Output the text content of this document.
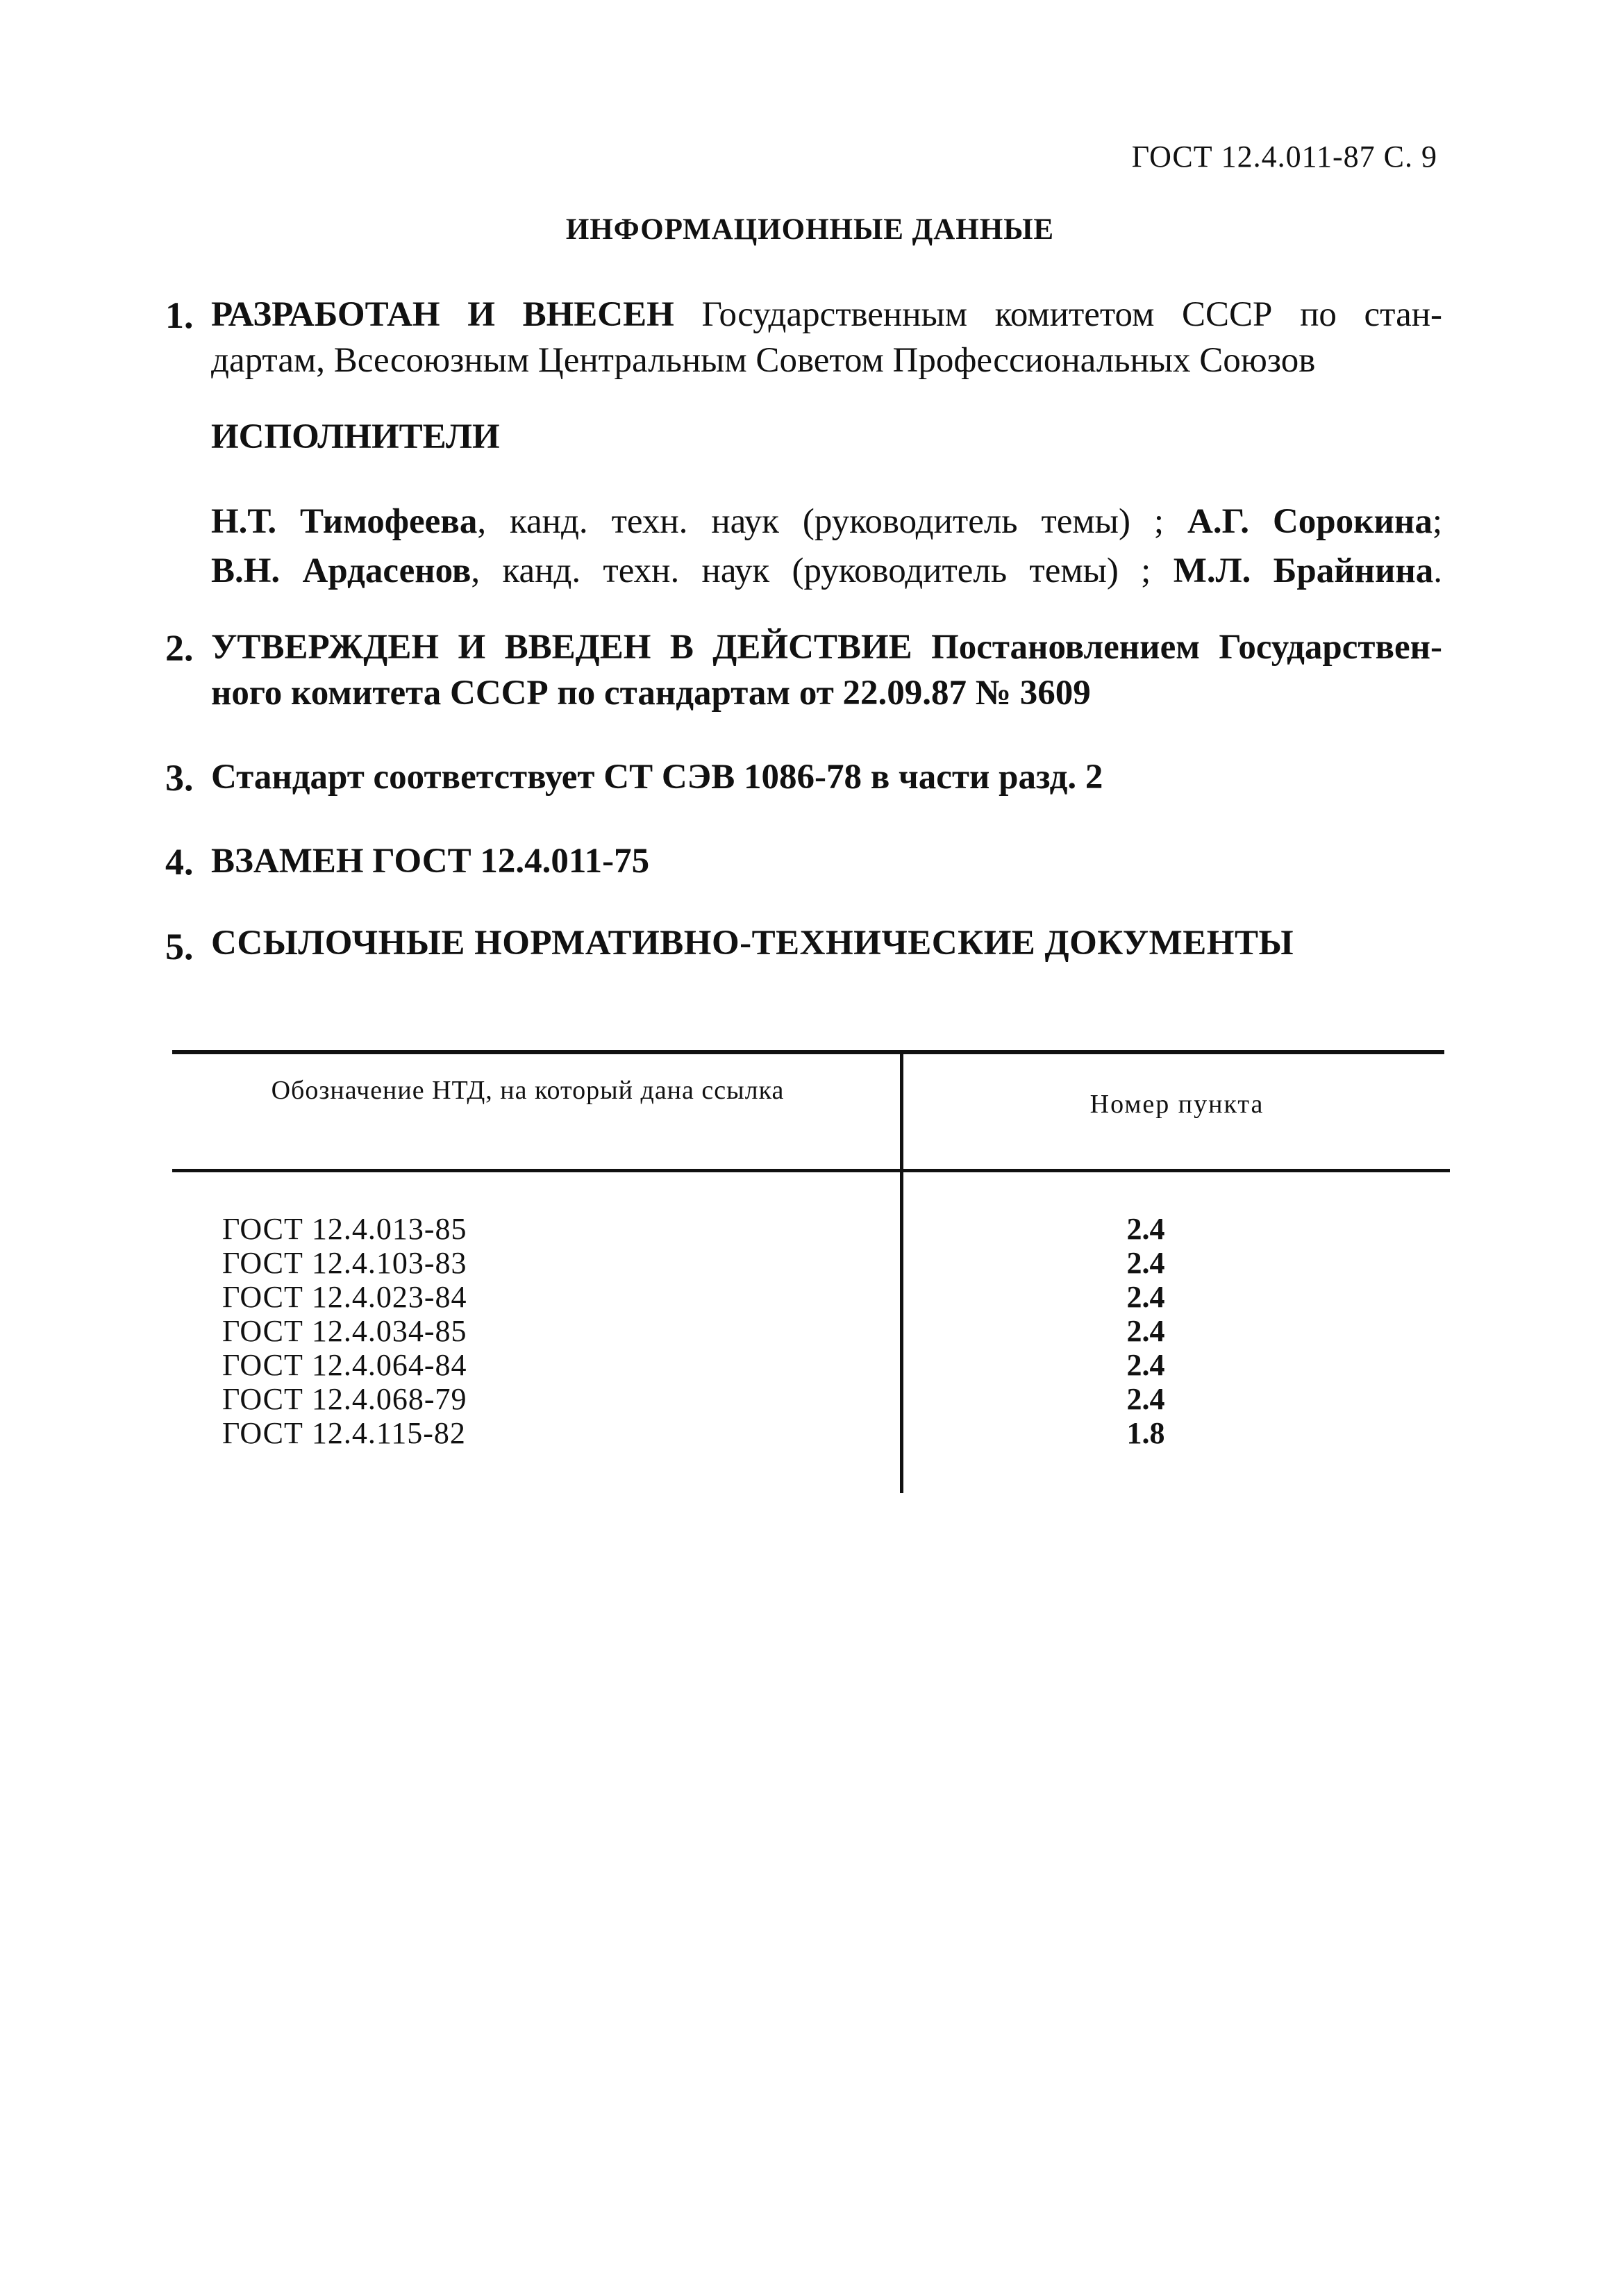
ГОСТ 12.4.011-87 С. 9
ИНФОРМАЦИОННЫЕ ДАННЫЕ
1. РАЗРАБОТАН И ВНЕСЕН Государственным комитетом СССР по стан-
дартам, Всесоюзным Центральным Советом Профессиональных Союзов
ИСПОЛНИТЕЛИ
Н.Т. Тимофеева, канд. техн. наук (руководитель темы) ; А.Г. Сорокина;
В.Н. Ардасенов, канд. техн. наук (руководитель темы) ; М.Л. Брайнина.
2. УТВЕРЖДЕН И ВВЕДЕН В ДЕЙСТВИЕ Постановлением Государствен-
ного комитета СССР по стандартам от 22.09.87 № 3609
3. Стандарт соответствует СТ СЭВ 1086-78 в части разд. 2
4. ВЗАМЕН ГОСТ 12.4.011-75
5. ССЫЛОЧНЫЕ НОРМАТИВНО-ТЕХНИЧЕСКИЕ ДОКУМЕНТЫ
Обозначение НТД, на который дана ссылка	Номер пункта
ГОСТ 12.4.013-85	2.4
ГОСТ 12.4.103-83	2.4
ГОСТ 12.4.023-84	2.4
ГОСТ 12.4.034-85	2.4
ГОСТ 12.4.064-84	2.4
ГОСТ 12.4.068-79	2.4
ГОСТ 12.4.115-82	1.8
